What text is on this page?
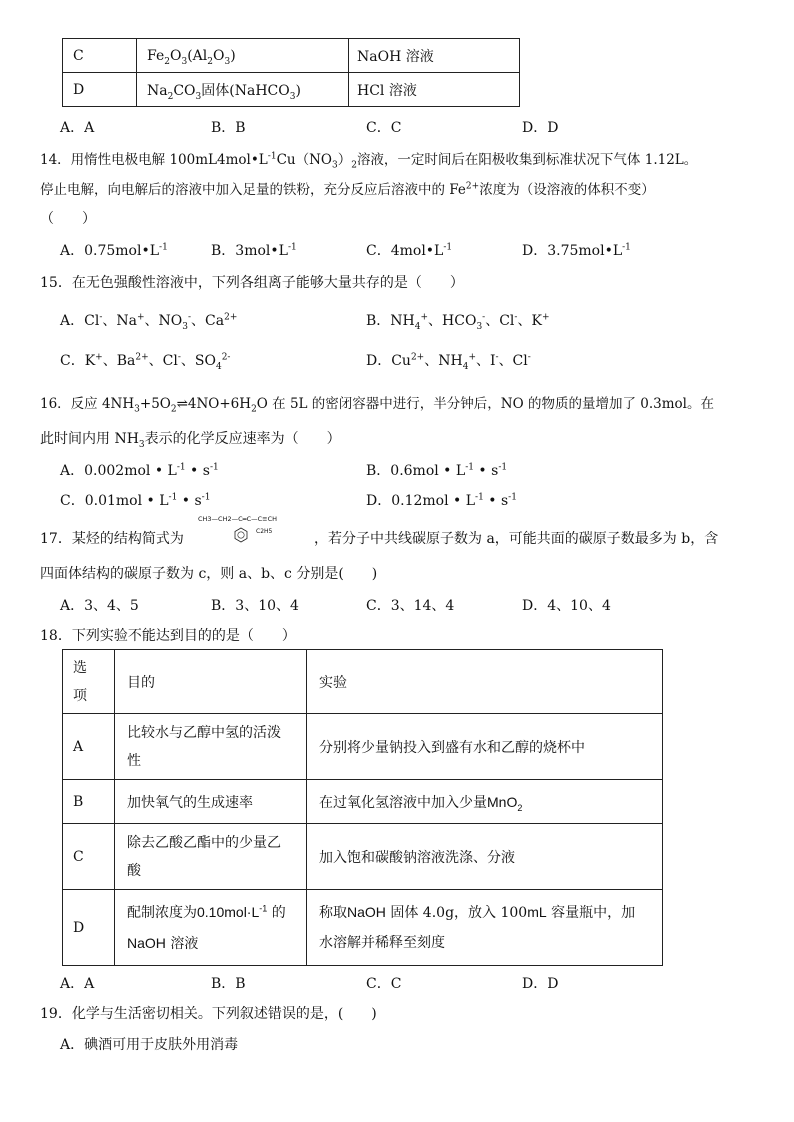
C	$Fe_2O_3(Al_2O_3)$	NaOH 溶液
D	$Na_2CO_3$固体(NaHCO$_3$)	HCl 溶液
A．A	B．B	C．C	D．D
14．用惰性电极电解 $100mL4mol•L^{-1}Cu(NO_3)_2$溶液，一定时间后在阳极收集到标准状况下气体 1.12L。
停止电解，向电解后的溶液中加入足量的铁粉，充分反应后溶液中的 $Fe^{2+}$浓度为（设溶液的体积不变）
（　　）
A．$0.75mol•L^{-1}$	B．$3mol•L^{-1}$	C．$4mol•L^{-1}$	D．$3.75mol•L^{-1}$
15．在无色强酸性溶液中，下列各组离子能够大量共存的是（　　）
A．Cl-、Na+、$NO_3^-$、$Ca^{2+}$	B．$NH_4^+$、$HCO_3^-$、Cl-、K+
C．K+、$Ba^{2+}$、Cl-、$SO_4^{2-}$	D．$Cu^{2+}$、$NH_4^+$、I-、Cl-
16．反应 $4NH_3+5O_2\rightleftharpoons 4NO+6H_2O$ 在 5L 的密闭容器中进行，半分钟后，NO 的物质的量增加了 0.3mol。在
此时间内用 $NH_3$表示的化学反应速率为（　　）
A．0.002mol • $L^{-1}$ • $s^{-1}$	B．0.6mol • $L^{-1}$ • $s^{-1}$
C．0.01mol • $L^{-1}$ • $s^{-1}$	D．0.12mol • $L^{-1}$ • $s^{-1}$
17．某烃的结构简式为
CH3—CH2—C═C—C≡CH
C2H5	，若分子中共线碳原子数为 a，可能共面的碳原子数最多为 b，含
四面体结构的碳原子数为 c，则 a、b、c 分别是(　　)
A．3、4、5	B．3、10、4	C．3、14、4	D．4、10、4
18．下列实验不能达到目的的是（　　）
选
项	目的	实验
A	比较水与乙醇中氢的活泼
性	分别将少量钠投入到盛有水和乙醇的烧杯中
B	加快氧气的生成速率	在过氧化氢溶液中加入少量MnO$_2$
C	除去乙酸乙酯中的少量乙
酸	加入饱和碳酸钠溶液洗涤、分液
D	配制浓度为$0.10mol\cdot L^{-1}$ 的
NaOH 溶液	称取NaOH 固体 4.0g，放入 100mL 容量瓶中，加
水溶解并稀释至刻度
A．A	B．B	C．C	D．D
19．化学与生活密切相关。下列叙述错误的是，(　　)
A．碘酒可用于皮肤外用消毒
